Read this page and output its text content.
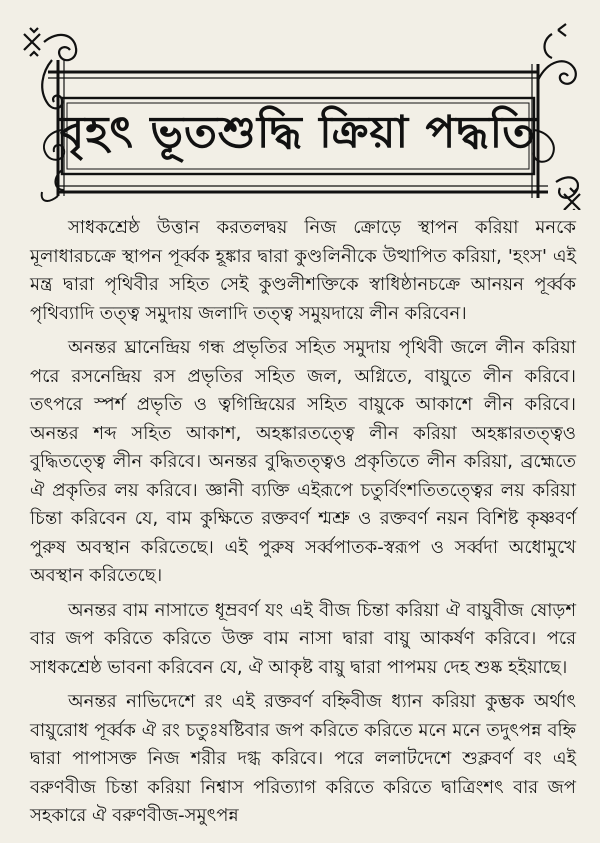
বৃহৎ ভূতশুদ্ধি ক্রিয়া পদ্ধতি

সাধকশ্রেষ্ঠ উত্তান করতলদ্বয় নিজ ক্রোড়ে স্থাপন করিয়া মনকে মূলাধারচক্রে স্থাপন পূর্ব্বক হূঙ্কার দ্বারা কুণ্ডলিনীকে উত্থাপিত করিয়া, 'হংস' এই মন্ত্র দ্বারা পৃথিবীর সহিত সেই কুণ্ডলীশক্তিকে স্বাধিষ্ঠানচক্রে আনয়ন পূর্ব্বক পৃথিব্যাদি তত্ত্ব সমুদায় জলাদি তত্ত্ব সমুয়দায়ে লীন করিবেন।

অনন্তর ঘ্রানেন্দ্রিয় গন্ধ প্রভৃতির সহিত সমুদায় পৃথিবী জলে লীন করিয়া পরে রসনেন্দ্রিয় রস প্রভৃতির সহিত জল, অগ্নিতে, বায়ুতে লীন করিবে। তৎপরে স্পর্শ প্রভৃতি ও ত্বগিন্দ্রিয়ের সহিত বায়ুকে আকাশে লীন করিবে। অনন্তর শব্দ সহিত আকাশ, অহঙ্কারতত্ত্বে লীন করিয়া অহঙ্কারতত্ত্বও বুদ্ধিতত্ত্বে লীন করিবে। অনন্তর বুদ্ধিতত্ত্বও প্রকৃতিতে লীন করিয়া, ব্রহ্মেতে ঐ প্রকৃতির লয় করিবে। জ্ঞানী ব্যক্তি এইরূপে চতুর্বিংশতিতত্ত্বের লয় করিয়া চিন্তা করিবেন যে, বাম কুক্ষিতে রক্তবর্ণ শ্মশ্রু ও রক্তবর্ণ নয়ন বিশিষ্ট কৃষ্ণবর্ণ পুরুষ অবস্থান করিতেছে। এই পুরুষ সর্ব্বপাতক-স্বরূপ ও সর্ব্বদা অধোমুখে অবস্থান করিতেছে।

অনন্তর বাম নাসাতে ধূম্রবর্ণ যং এই বীজ চিন্তা করিয়া ঐ বায়ুবীজ ষোড়শ বার জপ করিতে করিতে উক্ত বাম নাসা দ্বারা বায়ু আকর্ষণ করিবে। পরে সাধকশ্রেষ্ঠ ভাবনা করিবেন যে, ঐ আকৃষ্ট বায়ু দ্বারা পাপময় দেহ শুষ্ক হইয়াছে।

অনন্তর নাভিদেশে রং এই রক্তবর্ণ বহ্নিবীজ ধ্যান করিয়া কুম্ভক অর্থাৎ বায়ুরোধ পূর্ব্বক ঐ রং চতুঃষষ্টিবার জপ করিতে করিতে মনে মনে তদুৎপন্ন বহ্নি দ্বারা পাপাসক্ত নিজ শরীর দগ্ধ করিবে। পরে ললাটদেশে শুক্লবর্ণ বং এই বরুণবীজ চিন্তা করিয়া নিশ্বাস পরিত্যাগ করিতে করিতে দ্বাত্রিংশৎ বার জপ সহকারে ঐ বরুণবীজ-সমুৎপন্ন
